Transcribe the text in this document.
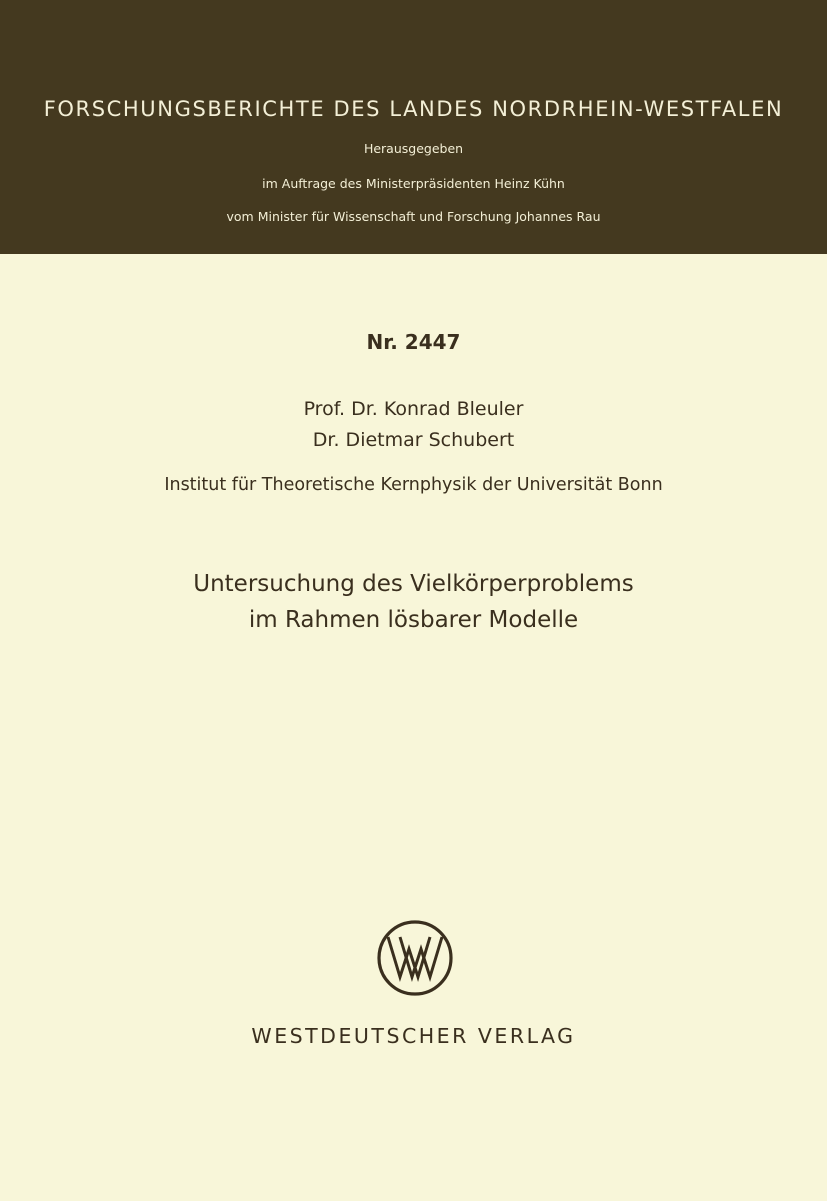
FORSCHUNGSBERICHTE DES LANDES NORDRHEIN-WESTFALEN
Herausgegeben
im Auftrage des Ministerpräsidenten Heinz Kühn
vom Minister für Wissenschaft und Forschung Johannes Rau
Nr. 2447
Prof. Dr. Konrad Bleuler
Dr. Dietmar Schubert
Institut für Theoretische Kernphysik der Universität Bonn
Untersuchung des Vielkörperproblems
im Rahmen lösbarer Modelle
WESTDEUTSCHER VERLAG
